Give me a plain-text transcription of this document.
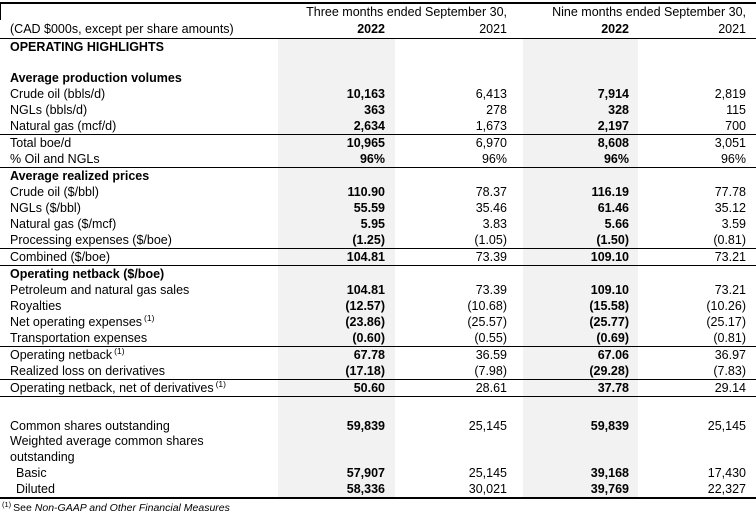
Three months ended September 30,	Nine months ended September 30,
(CAD $000s, except per share amounts)	2022	2021	2022	2021
OPERATING HIGHLIGHTS
Average production volumes
Crude oil (bbls/d)	10,163	6,413	7,914	2,819
NGLs (bbls/d)	363	278	328	115
Natural gas (mcf/d)	2,634	1,673	2,197	700
Total boe/d	10,965	6,970	8,608	3,051
% Oil and NGLs	96%	96%	96%	96%
Average realized prices
Crude oil ($/bbl)	110.90	78.37	116.19	77.78
NGLs ($/bbl)	55.59	35.46	61.46	35.12
Natural gas ($/mcf)	5.95	3.83	5.66	3.59
Processing expenses ($/boe)	(1.25)	(1.05)	(1.50)	(0.81)
Combined ($/boe)	104.81	73.39	109.10	73.21
Operating netback ($/boe)
Petroleum and natural gas sales	104.81	73.39	109.10	73.21
Royalties	(12.57)	(10.68)	(15.58)	(10.26)
Net operating expenses $^{(1)}$	(23.86)	(25.57)	(25.77)	(25.17)
Transportation expenses	(0.60)	(0.55)	(0.69)	(0.81)
Operating netback $^{(1)}$	67.78	36.59	67.06	36.97
Realized loss on derivatives	(17.18)	(7.98)	(29.28)	(7.83)
Operating netback, net of derivatives $^{(1)}$	50.60	28.61	37.78	29.14
Common shares outstanding	59,839	25,145	59,839	25,145
Weighted average common shares outstanding
Basic	57,907	25,145	39,168	17,430
Diluted	58,336	30,021	39,769	22,327
$^{(1)}$ See Non-GAAP and Other Financial Measures
